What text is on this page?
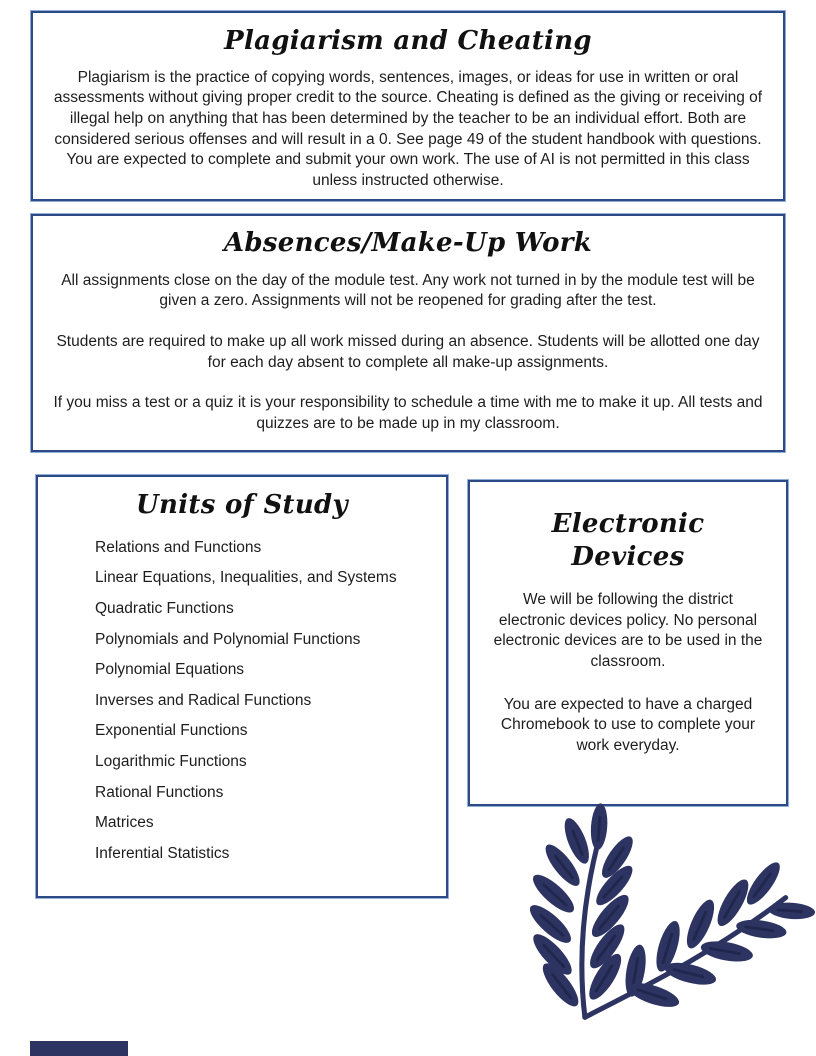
Plagiarism and Cheating
Plagiarism is the practice of copying words, sentences, images, or ideas for use in written or oral assessments without giving proper credit to the source. Cheating is defined as the giving or receiving of illegal help on anything that has been determined by the teacher to be an individual effort. Both are considered serious offenses and will result in a 0. See page 49 of the student handbook with questions. You are expected to complete and submit your own work. The use of AI is not permitted in this class unless instructed otherwise.
Absences/Make-Up Work

All assignments close on the day of the module test. Any work not turned in by the module test will be given a zero. Assignments will not be reopened for grading after the test.

Students are required to make up all work missed during an absence. Students will be allotted one day for each day absent to complete all make-up assignments.

If you miss a test or a quiz it is your responsibility to schedule a time with me to make it up. All tests and quizzes are to be made up in my classroom.

Units of Study
Relations and Functions
Linear Equations, Inequalities, and Systems
Quadratic Functions
Polynomials and Polynomial Functions
Polynomial Equations
Inverses and Radical Functions
Exponential Functions
Logarithmic Functions
Rational Functions
Matrices
Inferential Statistics
Electronic Devices

We will be following the district electronic devices policy. No personal electronic devices are to be used in the classroom.

You are expected to have a charged Chromebook to use to complete your work everyday.
